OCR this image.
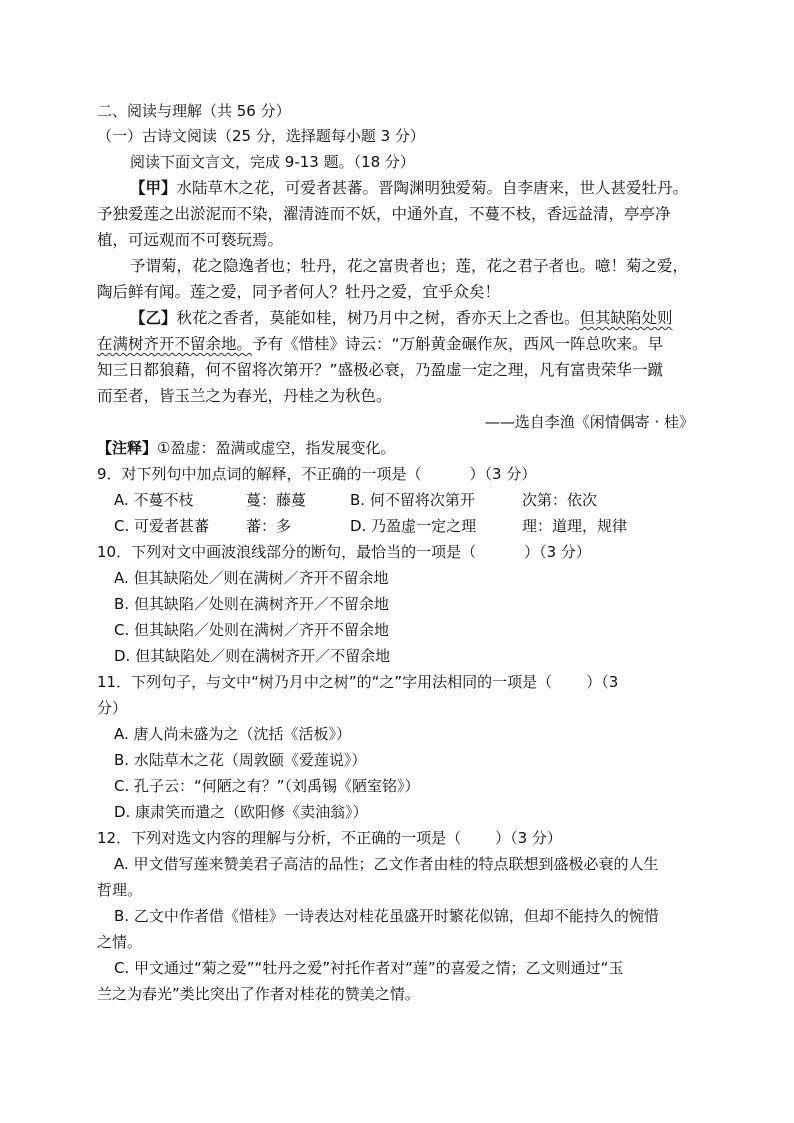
二、阅读与理解（共 56 分）
（一）古诗文阅读（25 分，选择题每小题 3 分）
阅读下面文言文，完成 9-13 题。（18 分）
【甲】水陆草木之花，可爱者甚蕃。晋陶渊明独爱菊。自李唐来，世人甚爱牡丹。
予独爱莲之出淤泥而不染，濯清涟而不妖，中通外直，不蔓不枝，香远益清，亭亭净
植，可远观而不可亵玩焉。
予谓菊，花之隐逸者也；牡丹，花之富贵者也；莲，花之君子者也。噫！菊之爱，
陶后鲜有闻。莲之爱，同予者何人？牡丹之爱，宜乎众矣！
【乙】秋花之香者，莫能如桂，树乃月中之树，香亦天上之香也。但其缺陷处则
在满树齐开不留余地。予有《惜桂》诗云：“万斛黄金碾作灰，西风一阵总吹来。早
知三日都狼藉，何不留将次第开？”盛极必衰，乃盈虚一定之理，凡有富贵荣华一蹴
而至者，皆玉兰之为春光，丹桂之为秋色。
——选自李渔《闲情偶寄 · 桂》
【注释】①盈虚：盈满或虚空，指发展变化。
9．对下列句中加点词的解释，不正确的一项是（	）（3 分）
A. 不蔓不枝	蔓：藤蔓	B. 何不留将次第开	次第：依次
C. 可爱者甚蕃 蕃：多	D. 乃盈虚一定之理	理：道理，规律
10．下列对文中画波浪线部分的断句，最恰当的一项是（	）（3 分）
A. 但其缺陷处／则在满树／齐开不留余地
B. 但其缺陷／处则在满树齐开／不留余地
C. 但其缺陷／处则在满树／齐开不留余地
D. 但其缺陷处／则在满树齐开／不留余地
11．下列句子，与文中“树乃月中之树”的“之”字用法相同的一项是（ ）（3
分）
A. 唐人尚未盛为之（沈括《活板》）
B. 水陆草木之花（周敦颐《爱莲说》）
C. 孔子云：“何陋之有？”（刘禹锡《陋室铭》）
D. 康肃笑而遣之（欧阳修《卖油翁》）
12．下列对选文内容的理解与分析，不正确的一项是（ ）（3 分）
A. 甲文借写莲来赞美君子高洁的品性；乙文作者由桂的特点联想到盛极必衰的人生
哲理。
B. 乙文中作者借《惜桂》一诗表达对桂花虽盛开时繁花似锦，但却不能持久的惋惜
之情。
C. 甲文通过“菊之爱”“牡丹之爱”衬托作者对“莲”的喜爱之情；乙文则通过“玉
兰之为春光”类比突出了作者对桂花的赞美之情。
